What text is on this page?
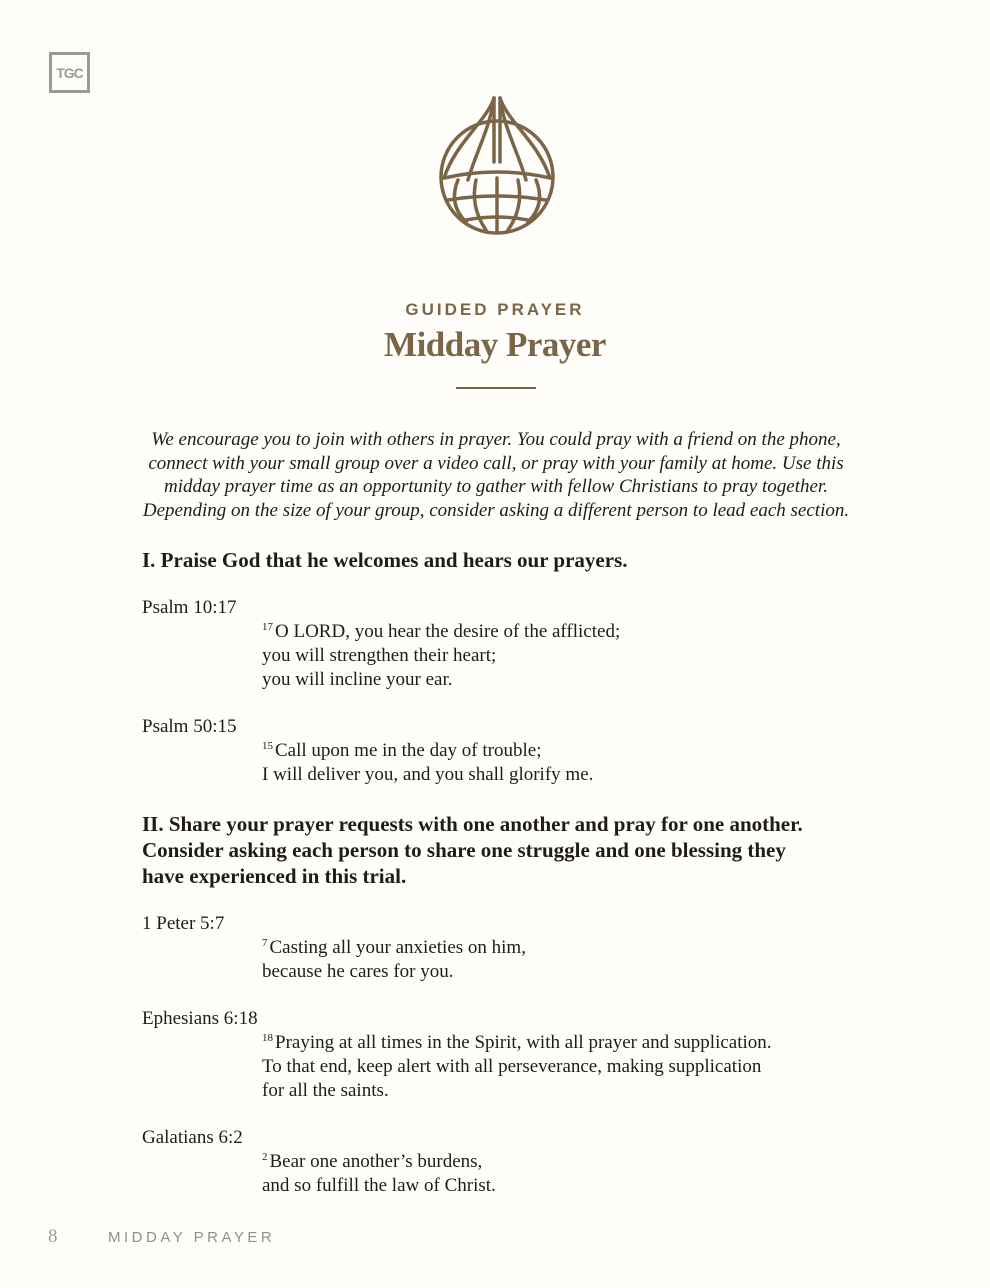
TGC
GUIDED PRAYER
Midday Prayer
We encourage you to join with others in prayer. You could pray with a friend on the phone,
connect with your small group over a video call, or pray with your family at home. Use this
midday prayer time as an opportunity to gather with fellow Christians to pray together.
Depending on the size of your group, consider asking a different person to lead each section.
I. Praise God that he welcomes and hears our prayers.
Psalm 10:17
$^{17}$ O LORD, you hear the desire of the afflicted;
you will strengthen their heart;
you will incline your ear.
Psalm 50:15
$^{15}$ Call upon me in the day of trouble;
I will deliver you, and you shall glorify me.
II. Share your prayer requests with one another and pray for one another.
Consider asking each person to share one struggle and one blessing they
have experienced in this trial.
1 Peter 5:7
$^7$ Casting all your anxieties on him,
because he cares for you.
Ephesians 6:18
$^{18}$ Praying at all times in the Spirit, with all prayer and supplication.
To that end, keep alert with all perseverance, making supplication
for all the saints.
Galatians 6:2
$^2$ Bear one another’s burdens,
and so fulfill the law of Christ.
8	MIDDAY PRAYER
